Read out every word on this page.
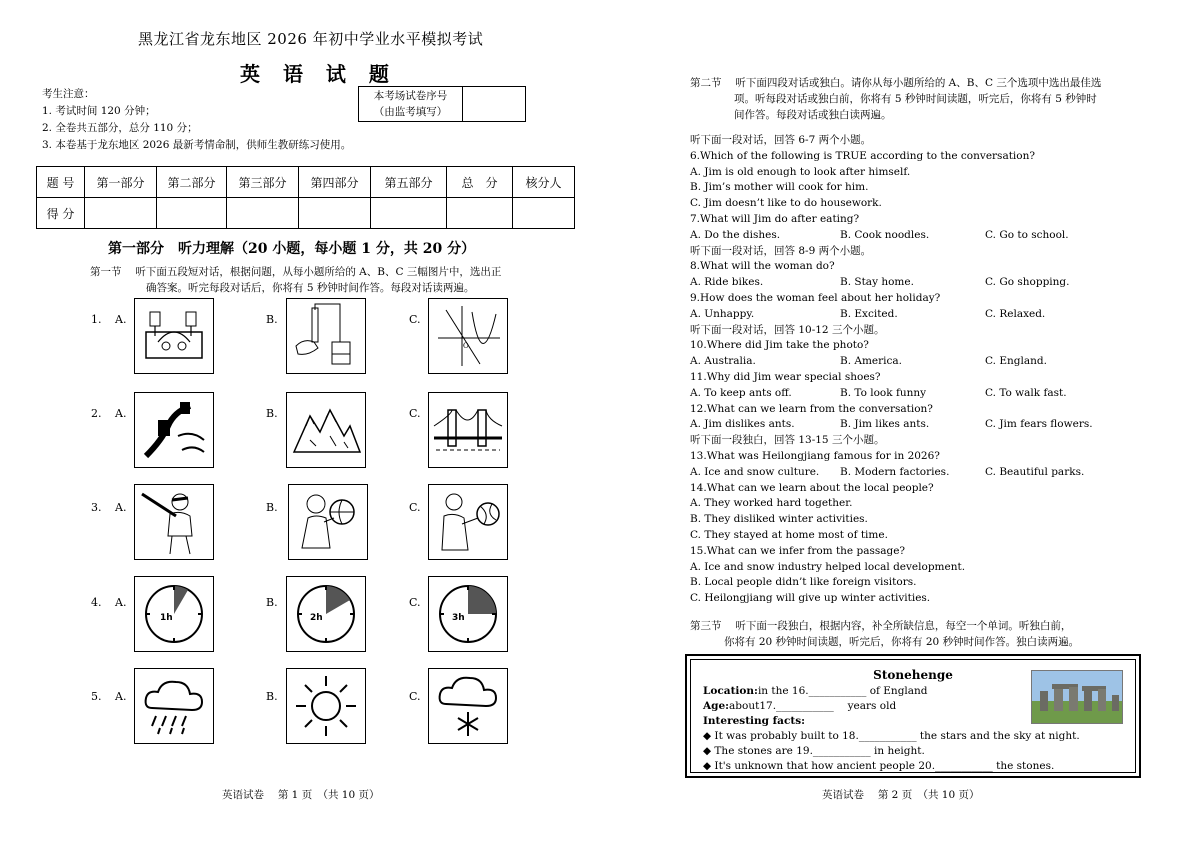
黑龙江省龙东地区 2026 年初中学业水平模拟考试
英 语 试 题
本考场试卷序号
（由监考填写）
考生注意：
1. 考试时间 120 分钟；
2. 全卷共五部分，总分 110 分；
3. 本卷基于龙东地区 2026 最新考情命制，供师生教研练习使用。
题 号	第一部分	第二部分	第三部分	第四部分	第五部分	总　分	核分人
得 分							
第一部分　听力理解（20 小题，每小题 1 分，共 20 分）
第一节　 听下面五段短对话，根据问题，从每小题所给的 A、B、C 三幅图片中，选出正
确答案。听完每段对话后，你将有 5 秒钟时间作答。每段对话读两遍。
1. A.	B.	C.
O
2. A.	B.	C.
3. A.	B.	C.
4. A.
1h
B.
2h
C.
3h
5. A.	B.	C.
英语试卷　 第 1 页　（共 10 页）
第二节　 听下面四段对话或独白。请你从每小题所给的 A、B、C 三个选项中选出最佳选
项。听每段对话或独白前，你将有 5 秒钟时间读题，听完后，你将有 5 秒钟时
间作答。每段对话或独白读两遍。
听下面一段对话，回答 6-7 两个小题。
6.Which of the following is TRUE according to the conversation?
A. Jim is old enough to look after himself.
B. Jim’s mother will cook for him.
C. Jim doesn’t like to do housework.
7.What will Jim do after eating?
A. Do the dishes.	B. Cook noodles.	C. Go to school.
听下面一段对话，回答 8-9 两个小题。
8.What will the woman do?
A. Ride bikes.	B. Stay home.	C. Go shopping.
9.How does the woman feel about her holiday?
A. Unhappy.	B. Excited.	C. Relaxed.
听下面一段对话，回答 10-12 三个小题。
10.Where did Jim take the photo?
A. Australia.	B. America.	C. England.
11.Why did Jim wear special shoes?
A. To keep ants off.	B. To look funny	C. To walk fast.
12.What can we learn from the conversation?
A. Jim dislikes ants.	B. Jim likes ants.	C. Jim fears flowers.
听下面一段独白，回答 13-15 三个小题。
13.What was Heilongjiang famous for in 2026?
A. Ice and snow culture. B. Modern factories.	C. Beautiful parks.
14.What can we learn about the local people?
A. They worked hard together.
B. They disliked winter activities.
C. They stayed at home most of time.
15.What can we infer from the passage?
A. Ice and snow industry helped local development.
B. Local people didn’t like foreign visitors.
C. Heilongjiang will give up winter activities.
第三节　 听下面一段独白，根据内容，补全所缺信息，每空一个单词。听独白前，
你将有 20 秒钟时间读题，听完后，你将有 20 秒钟时间作答。独白读两遍。
Stonehenge
Location:in the 16.___________ of England
Age:about17.___________ 　years old
Interesting facts:
◆ It was probably built to 18.___________ the stars and the sky at night.
◆ The stones are 19.___________ in height.
◆ It's unknown that how ancient people 20.___________ the stones.
英语试卷　 第 2 页　（共 10 页）
